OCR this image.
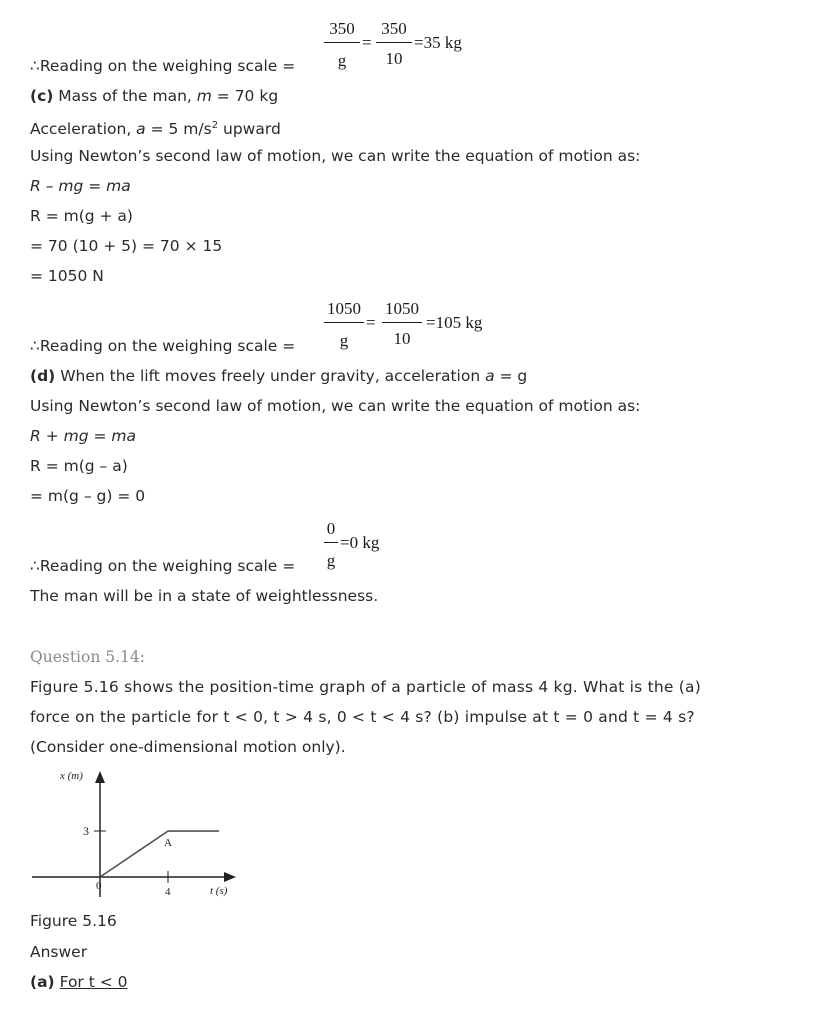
350
g
=
350
10
=35 kg
∴Reading on the weighing scale =
(c) Mass of the man, m = 70 kg
Acceleration, a = 5 $m/s^2$ upward
Using Newton’s second law of motion, we can write the equation of motion as:
R – mg = ma
R = m(g + a)
= 70 (10 + 5) = 70 × 15
= 1050 N
1050
g
=
1050
10
=105 kg
∴Reading on the weighing scale =
(d) When the lift moves freely under gravity, acceleration a = g
Using Newton’s second law of motion, we can write the equation of motion as:
R + mg = ma
R = m(g – a)
= m(g – g) = 0
0
g
=0 kg
∴Reading on the weighing scale =
The man will be in a state of weightlessness.
Question 5.14:
Figure 5.16 shows the position-time graph of a particle of mass 4 kg. What is the (a)
force on the particle for t < 0, t > 4 s, 0 < t < 4 s? (b) impulse at t = 0 and t = 4 s?
(Consider one-dimensional motion only).
x (m)
3
0	4	t (s)
A
Figure 5.16
Answer
(a) For t < 0
